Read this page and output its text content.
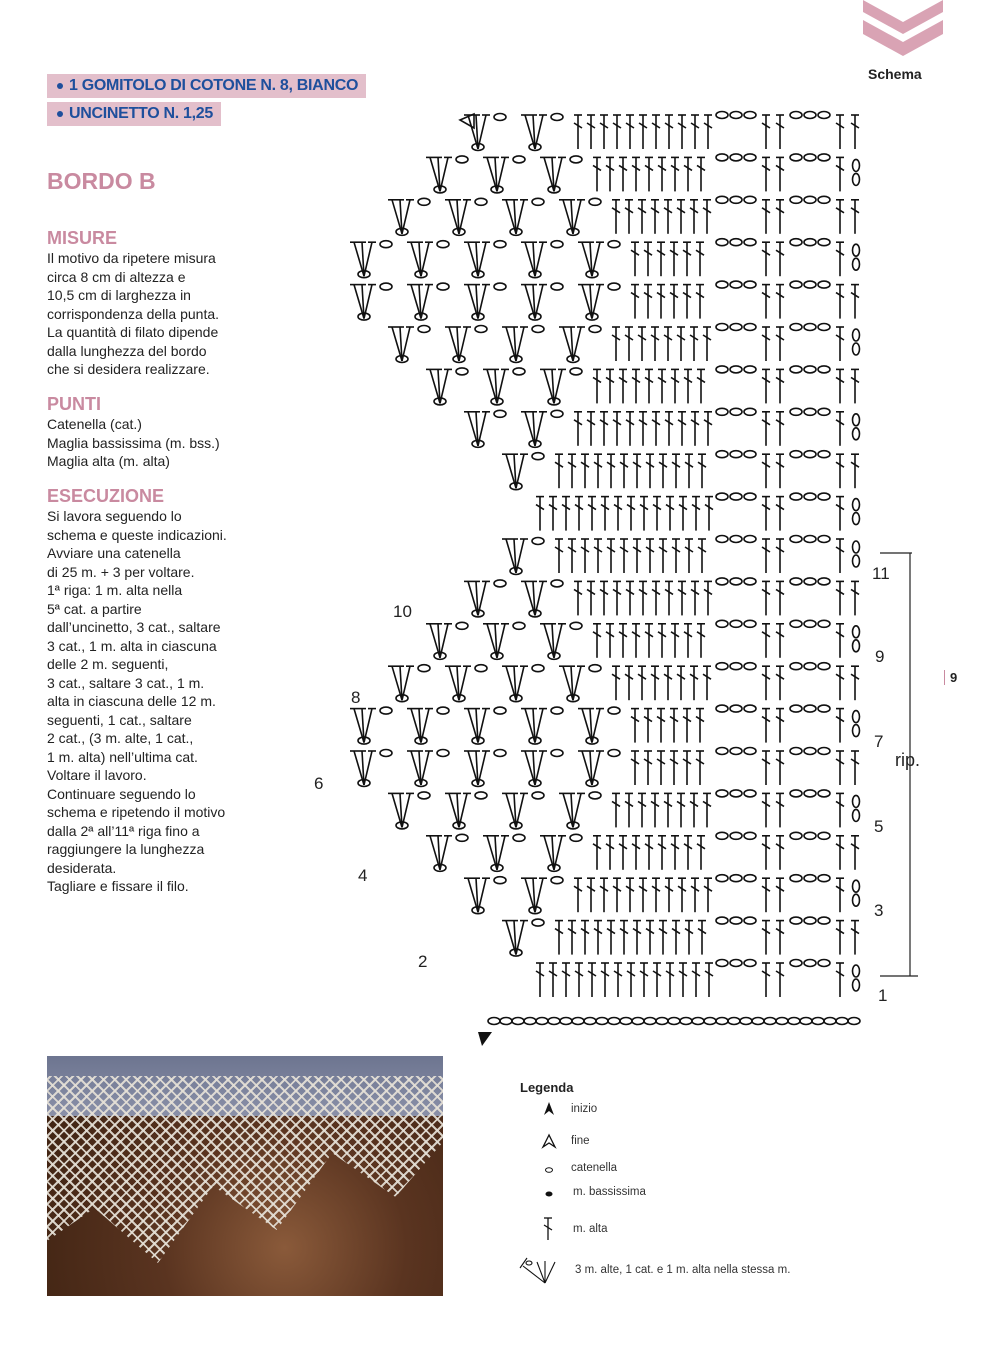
Schema
9
1 GOMITOLO DI COTONE N. 8, BIANCO
UNCINETTO N. 1,25
BORDO B
MISURE
Il motivo da ripetere misura
circa 8 cm di altezza e
10,5 cm di larghezza in
corrispondenza della punta.
La quantità di filato dipende
dalla lunghezza del bordo
che si desidera realizzare.
PUNTI
Catenella (cat.)
Maglia bassissima (m. bss.)
Maglia alta (m. alta)
ESECUZIONE
Si lavora seguendo lo
schema e queste indicazioni.
Avviare una catenella
di 25 m. + 3 per voltare.
1ª riga: 1 m. alta nella
5ª cat. a partire
dall’uncinetto, 3 cat., saltare
3 cat., 1 m. alta in ciascuna
delle 2 m. seguenti,
3 cat., saltare 3 cat., 1 m.
alta in ciascuna delle 12 m.
seguenti, 1 cat., saltare
2 cat., (3 m. alte, 1 cat.,
1 m. alta) nell’ultima cat.
Voltare il lavoro.
Continuare seguendo lo
schema e ripetendo il motivo
dalla 2ª all’11ª riga fino a
raggiungere la lunghezza
desiderata.
Tagliare e fissare il filo.
1
2
3
4
5
6
7
8
9
10
11
rip.
Legenda
inizio
fine
catenella
m. bassissima
m. alta
3 m. alte, 1 cat. e 1 m. alta nella stessa m.
